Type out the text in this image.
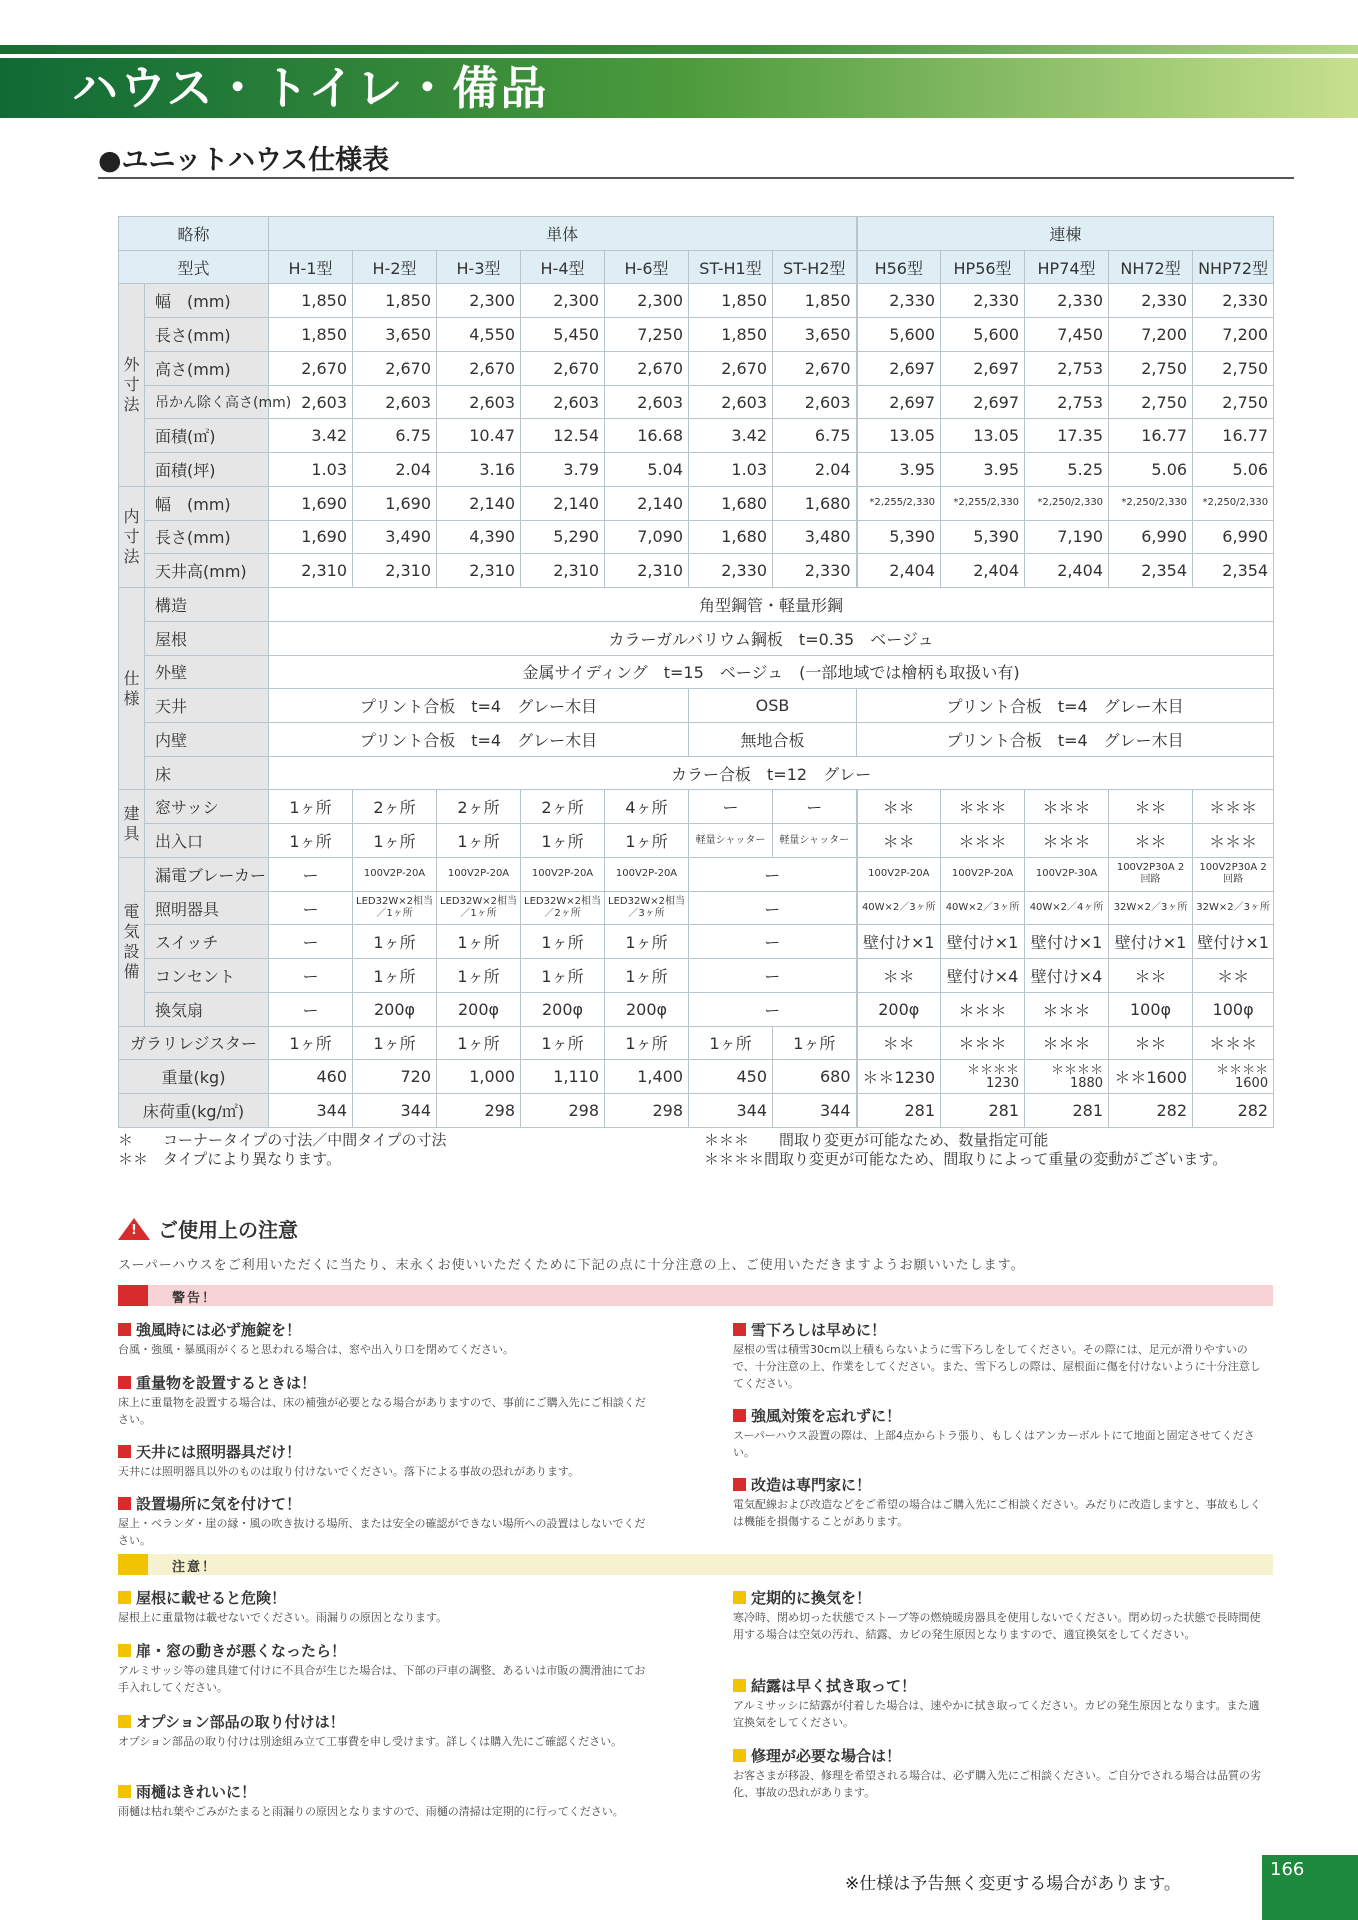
ハウス・トイレ・備品
●ユニットハウス仕様表
略称		単体							連棟				
型式		H-1型	H-2型	H-3型	H-4型	H-6型	ST-H1型	ST-H2型	H56型	HP56型	HP74型	NH72型	NHP72型
外寸法	幅　(mm)	1,850	1,850	2,300	2,300	2,300	1,850	1,850	2,330	2,330	2,330	2,330	2,330
	長さ(mm)	1,850	3,650	4,550	5,450	7,250	1,850	3,650	5,600	5,600	7,450	7,200	7,200
	高さ(mm)	2,670	2,670	2,670	2,670	2,670	2,670	2,670	2,697	2,697	2,753	2,750	2,750
	吊かん除く高さ(mm)	2,603	2,603	2,603	2,603	2,603	2,603	2,603	2,697	2,697	2,753	2,750	2,750
	面積(㎡)	3.42	6.75	10.47	12.54	16.68	3.42	6.75	13.05	13.05	17.35	16.77	16.77
	面積(坪)	1.03	2.04	3.16	3.79	5.04	1.03	2.04	3.95	3.95	5.25	5.06	5.06
内寸法	幅　(mm)	1,690	1,690	2,140	2,140	2,140	1,680	1,680	*2,255/2,330	*2,255/2,330	*2,250/2,330	*2,250/2,330	*2,250/2,330
	長さ(mm)	1,690	3,490	4,390	5,290	7,090	1,680	3,480	5,390	5,390	7,190	6,990	6,990
	天井高(mm)	2,310	2,310	2,310	2,310	2,310	2,330	2,330	2,404	2,404	2,404	2,354	2,354
仕様	構造	角型鋼管・軽量形鋼											
	屋根	カラーガルバリウム鋼板　t=0.35　ベージュ											
	外壁	金属サイディング　t=15　ベージュ　(一部地域では檜柄も取扱い有)											
	天井	プリント合板　t=4　グレー木目					OSB		プリント合板　t=4　グレー木目				
	内壁	プリント合板　t=4　グレー木目					無地合板		プリント合板　t=4　グレー木目				
	床	カラー合板　t=12　グレー											
建具	窓サッシ	1ヶ所	2ヶ所	2ヶ所	2ヶ所	4ヶ所	ー	ー	＊＊	＊＊＊	＊＊＊	＊＊	＊＊＊
	出入口	1ヶ所	1ヶ所	1ヶ所	1ヶ所	1ヶ所	軽量シャッター	軽量シャッター	＊＊	＊＊＊	＊＊＊	＊＊	＊＊＊
電気設備	漏電ブレーカー	ー	100V2P-20A	100V2P-20A	100V2P-20A	100V2P-20A	ー		100V2P-20A	100V2P-20A	100V2P-30A	100V2P30A 2回路	100V2P30A 2回路
	照明器具	ー	LED32W×2相当／1ヶ所	LED32W×2相当／1ヶ所	LED32W×2相当／2ヶ所	LED32W×2相当／3ヶ所	ー		40W×2／3ヶ所	40W×2／3ヶ所	40W×2／4ヶ所	32W×2／3ヶ所	32W×2／3ヶ所
	スイッチ	ー	1ヶ所	1ヶ所	1ヶ所	1ヶ所	ー		壁付け×1	壁付け×1	壁付け×1	壁付け×1	壁付け×1
	コンセント	ー	1ヶ所	1ヶ所	1ヶ所	1ヶ所	ー		＊＊	壁付け×4	壁付け×4	＊＊	＊＊
	換気扇	ー	200φ	200φ	200φ	200φ	ー		200φ	＊＊＊	＊＊＊	100φ	100φ
ガラリレジスター		1ヶ所	1ヶ所	1ヶ所	1ヶ所	1ヶ所	1ヶ所	1ヶ所	＊＊	＊＊＊	＊＊＊	＊＊	＊＊＊
重量(kg)		460	720	1,000	1,110	1,400	450	680	＊＊1230	＊＊＊＊1230	＊＊＊＊1880	＊＊1600	＊＊＊＊1600
床荷重(kg/㎡)		344	344	298	298	298	344	344	281	281	281	282	282
＊　　コーナータイプの寸法／中間タイプの寸法
＊＊　タイプにより異なります。
＊＊＊　　間取り変更が可能なため、数量指定可能
＊＊＊＊間取り変更が可能なため、間取りによって重量の変動がございます。
! ご使用上の注意
スーパーハウスをご利用いただくに当たり、末永くお使いいただくために下記の点に十分注意の上、ご使用いただきますようお願いいたします。
警告！
強風時には必ず施錠を！
台風・強風・暴風雨がくると思われる場合は、窓や出入り口を閉めてください。
重量物を設置するときは！
床上に重量物を設置する場合は、床の補強が必要となる場合がありますので、事前にご購入先にご相談ください。
天井には照明器具だけ！
天井には照明器具以外のものは取り付けないでください。落下による事故の恐れがあります。
設置場所に気を付けて！
屋上・ベランダ・崖の縁・風の吹き抜ける場所、または安全の確認ができない場所への設置はしないでください。
雪下ろしは早めに！
屋根の雪は積雪30cm以上積もらないように雪下ろしをしてください。その際には、足元が滑りやすいので、十分注意の上、作業をしてください。また、雪下ろしの際は、屋根面に傷を付けないように十分注意してください。
強風対策を忘れずに！
スーパーハウス設置の際は、上部4点からトラ張り、もしくはアンカーボルトにて地面と固定させてください。
改造は専門家に！
電気配線および改造などをご希望の場合はご購入先にご相談ください。みだりに改造しますと、事故もしくは機能を損傷することがあります。
注意！
屋根に載せると危険！
屋根上に重量物は載せないでください。雨漏りの原因となります。
扉・窓の動きが悪くなったら！
アルミサッシ等の建具建て付けに不具合が生じた場合は、下部の戸車の調整、あるいは市販の潤滑油にてお手入れしてください。
オプション部品の取り付けは！
オプション部品の取り付けは別途組み立て工事費を申し受けます。詳しくは購入先にご確認ください。
雨樋はきれいに！
雨樋は枯れ葉やごみがたまると雨漏りの原因となりますので、雨樋の清掃は定期的に行ってください。
定期的に換気を！
寒冷時、閉め切った状態でストーブ等の燃焼暖房器具を使用しないでください。閉め切った状態で長時間使用する場合は空気の汚れ、結露、カビの発生原因となりますので、適宜換気をしてください。
結露は早く拭き取って！
アルミサッシに結露が付着した場合は、速やかに拭き取ってください。カビの発生原因となります。また適宜換気をしてください。
修理が必要な場合は！
お客さまが移設、修理を希望される場合は、必ず購入先にご相談ください。ご自分でされる場合は品質の劣化、事故の恐れがあります。
※仕様は予告無く変更する場合があります。
166
